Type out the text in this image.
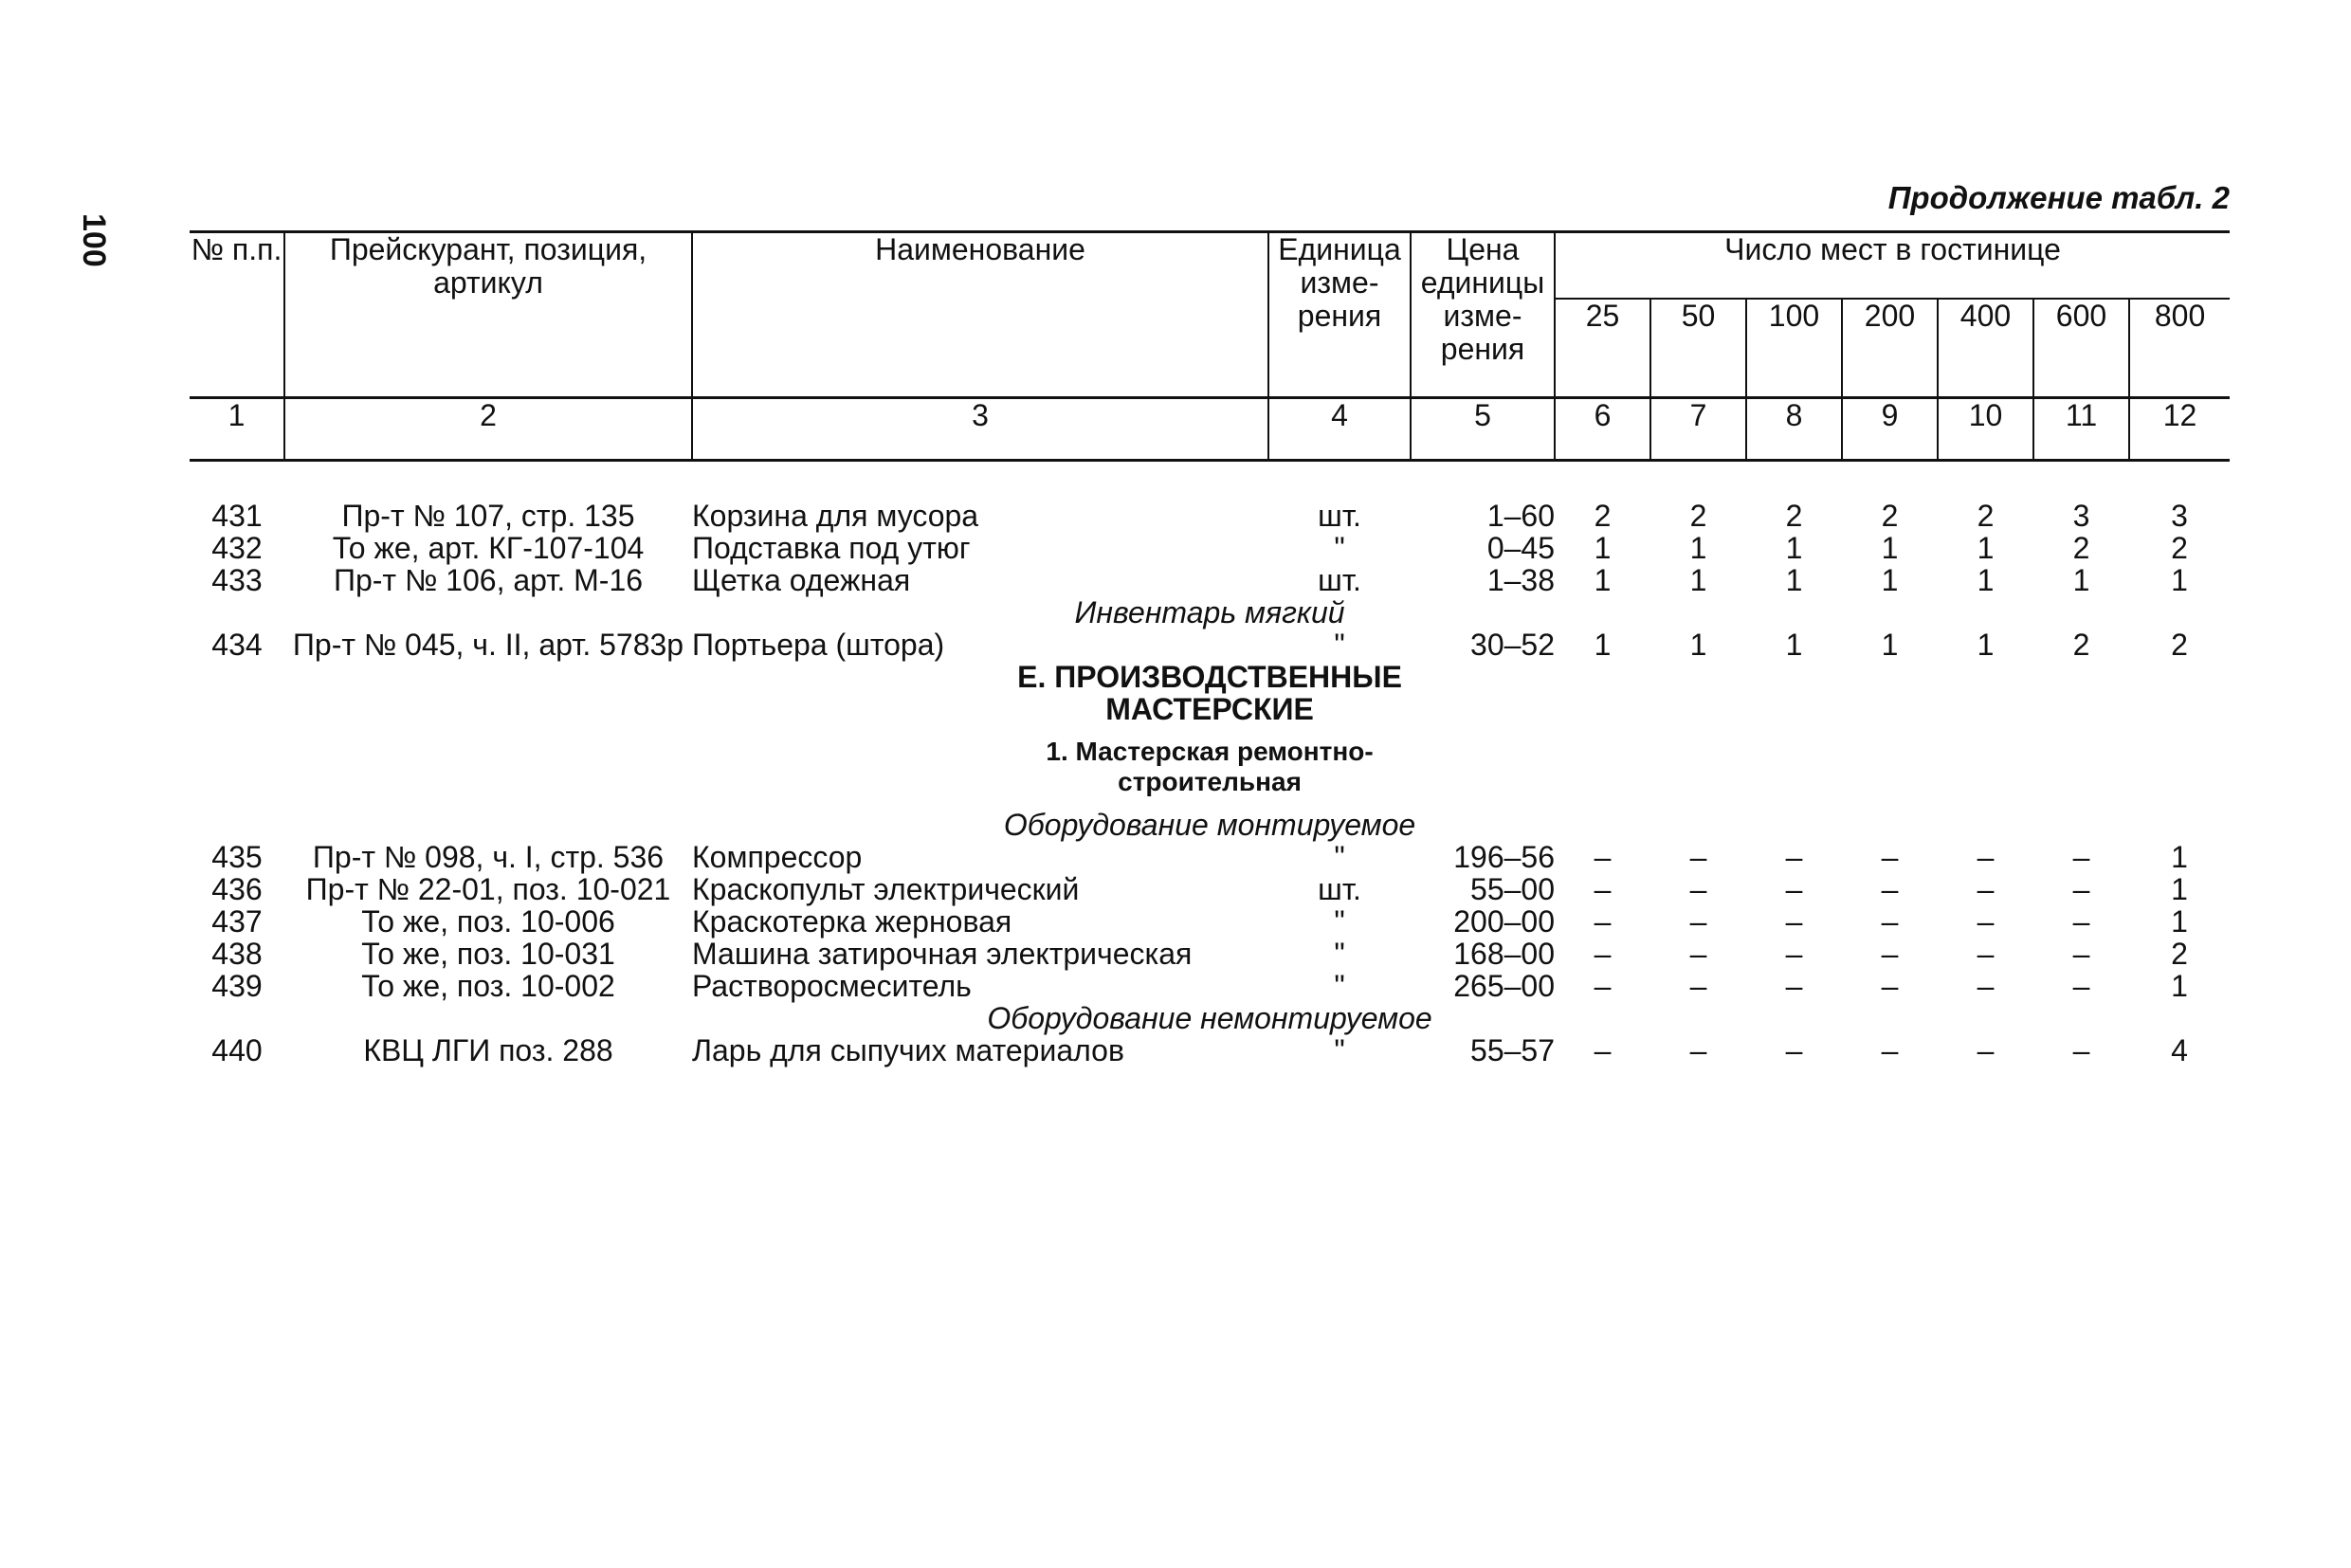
100
Продолжение табл. 2
№ п.п.	Прейскурант, позиция, артикул	Наименование	Единица изме- рения	Цена единицы изме- рения	Число мест в гостинице						
					25	50	100	200	400	600	800
1	2	3	4	5	6	7	8	9	10	11	12

431	Пр-т № 107, стр. 135	Корзина для мусора	шт.	1–60	2	2	2	2	2	3	3
432	То же, арт. КГ-107-104	Подставка под утюг	"	0–45	1	1	1	1	1	2	2
433	Пр-т № 106, арт. М-16	Щетка одежная	шт.	1–38	1	1	1	1	1	1	1
Инвентарь мягкий											
434	Пр-т № 045, ч. II, арт. 5783р	Портьера (штора)	"	30–52	1	1	1	1	1	2	2

Е. ПРОИЗВОДСТВЕННЫЕ
МАСТЕРСКИЕ											

1. Мастерская ремонтно-
строительная											

Оборудование монтируемое											
435	Пр-т № 098, ч. I, стр. 536	Компрессор	"	196–56	–	–	–	–	–	–	1
436	Пр-т № 22-01, поз. 10-021	Краскопульт электрический	шт.	55–00	–	–	–	–	–	–	1
437	То же, поз. 10-006	Краскотерка жерновая	"	200–00	–	–	–	–	–	–	1
438	То же, поз. 10-031	Машина затирочная электрическая	"	168–00	–	–	–	–	–	–	2
439	То же, поз. 10-002	Растворосмеситель	"	265–00	–	–	–	–	–	–	1
Оборудование немонтируемое											
440	КВЦ ЛГИ поз. 288	Ларь для сыпучих материалов	"	55–57	–	–	–	–	–	–	4
